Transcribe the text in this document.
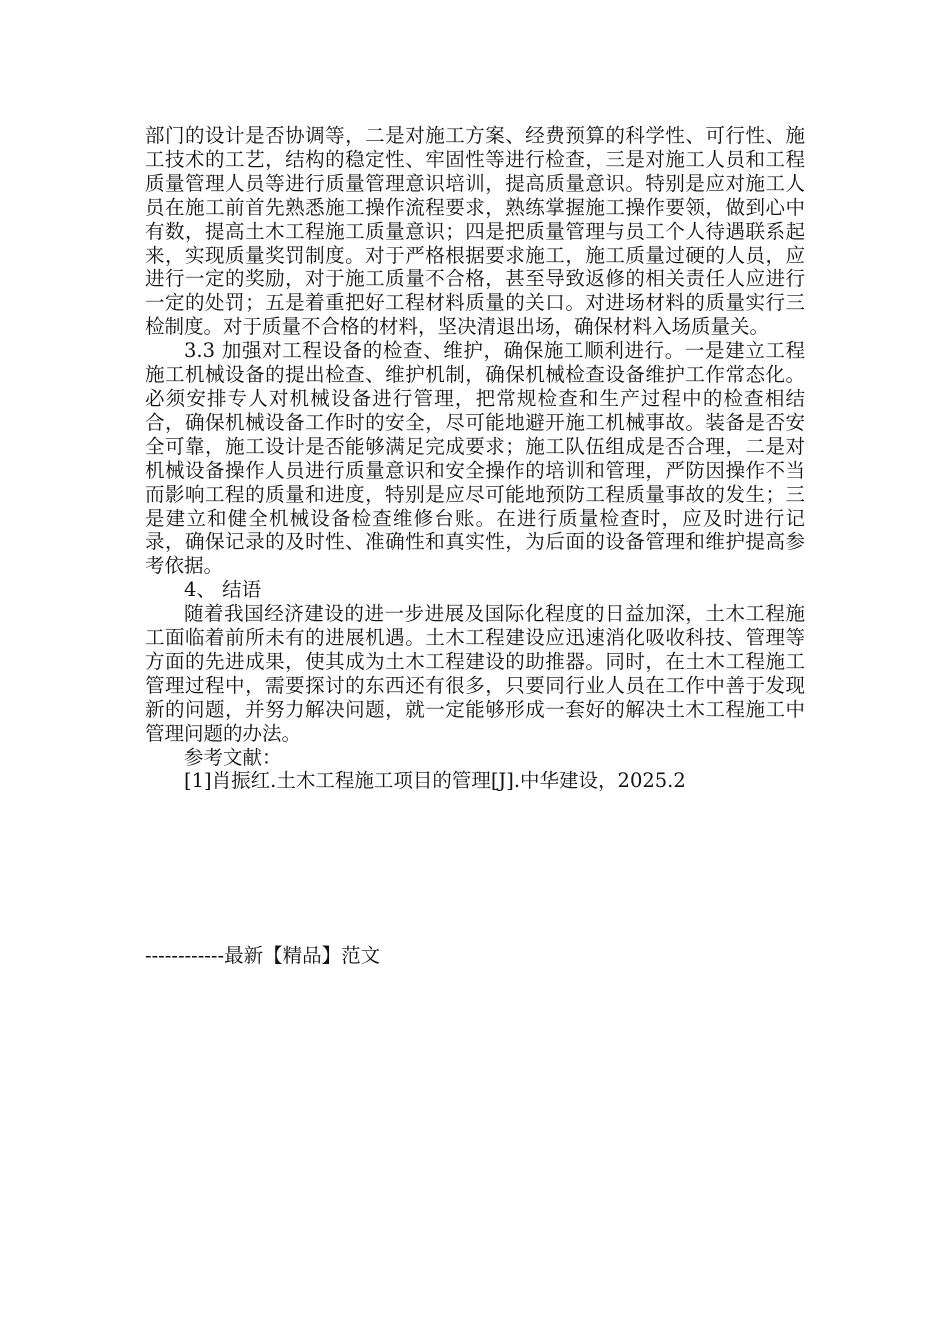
部门的设计是否协调等，二是对施工方案、经费预算的科学性、可行性、施工技术的工艺，结构的稳定性、牢固性等进行检查，三是对施工人员和工程质量管理人员等进行质量管理意识培训，提高质量意识。特别是应对施工人员在施工前首先熟悉施工操作流程要求，熟练掌握施工操作要领，做到心中有数，提高土木工程施工质量意识；四是把质量管理与员工个人待遇联系起来，实现质量奖罚制度。对于严格根据要求施工，施工质量过硬的人员，应进行一定的奖励，对于施工质量不合格，甚至导致返修的相关责任人应进行一定的处罚；五是着重把好工程材料质量的关口。对进场材料的质量实行三检制度。对于质量不合格的材料，坚决清退出场，确保材料入场质量关。

3.3 加强对工程设备的检查、维护，确保施工顺利进行。一是建立工程施工机械设备的提出检查、维护机制，确保机械检查设备维护工作常态化。必须安排专人对机械设备进行管理，把常规检查和生产过程中的检查相结合，确保机械设备工作时的安全，尽可能地避开施工机械事故。装备是否安全可靠，施工设计是否能够满足完成要求；施工队伍组成是否合理，二是对机械设备操作人员进行质量意识和安全操作的培训和管理，严防因操作不当而影响工程的质量和进度，特别是应尽可能地预防工程质量事故的发生；三是建立和健全机械设备检查维修台账。在进行质量检查时，应及时进行记录，确保记录的及时性、准确性和真实性，为后面的设备管理和维护提高参考依据。

4、 结语

随着我国经济建设的进一步进展及国际化程度的日益加深，土木工程施工面临着前所未有的进展机遇。土木工程建设应迅速消化吸收科技、管理等方面的先进成果，使其成为土木工程建设的助推器。同时，在土木工程施工管理过程中，需要探讨的东西还有很多，只要同行业人员在工作中善于发现新的问题，并努力解决问题，就一定能够形成一套好的解决土木工程施工中管理问题的办法。

参考文献：

[1]肖振红.土木工程施工项目的管理[J].中华建设，2025.2

------------最新【精品】范文
